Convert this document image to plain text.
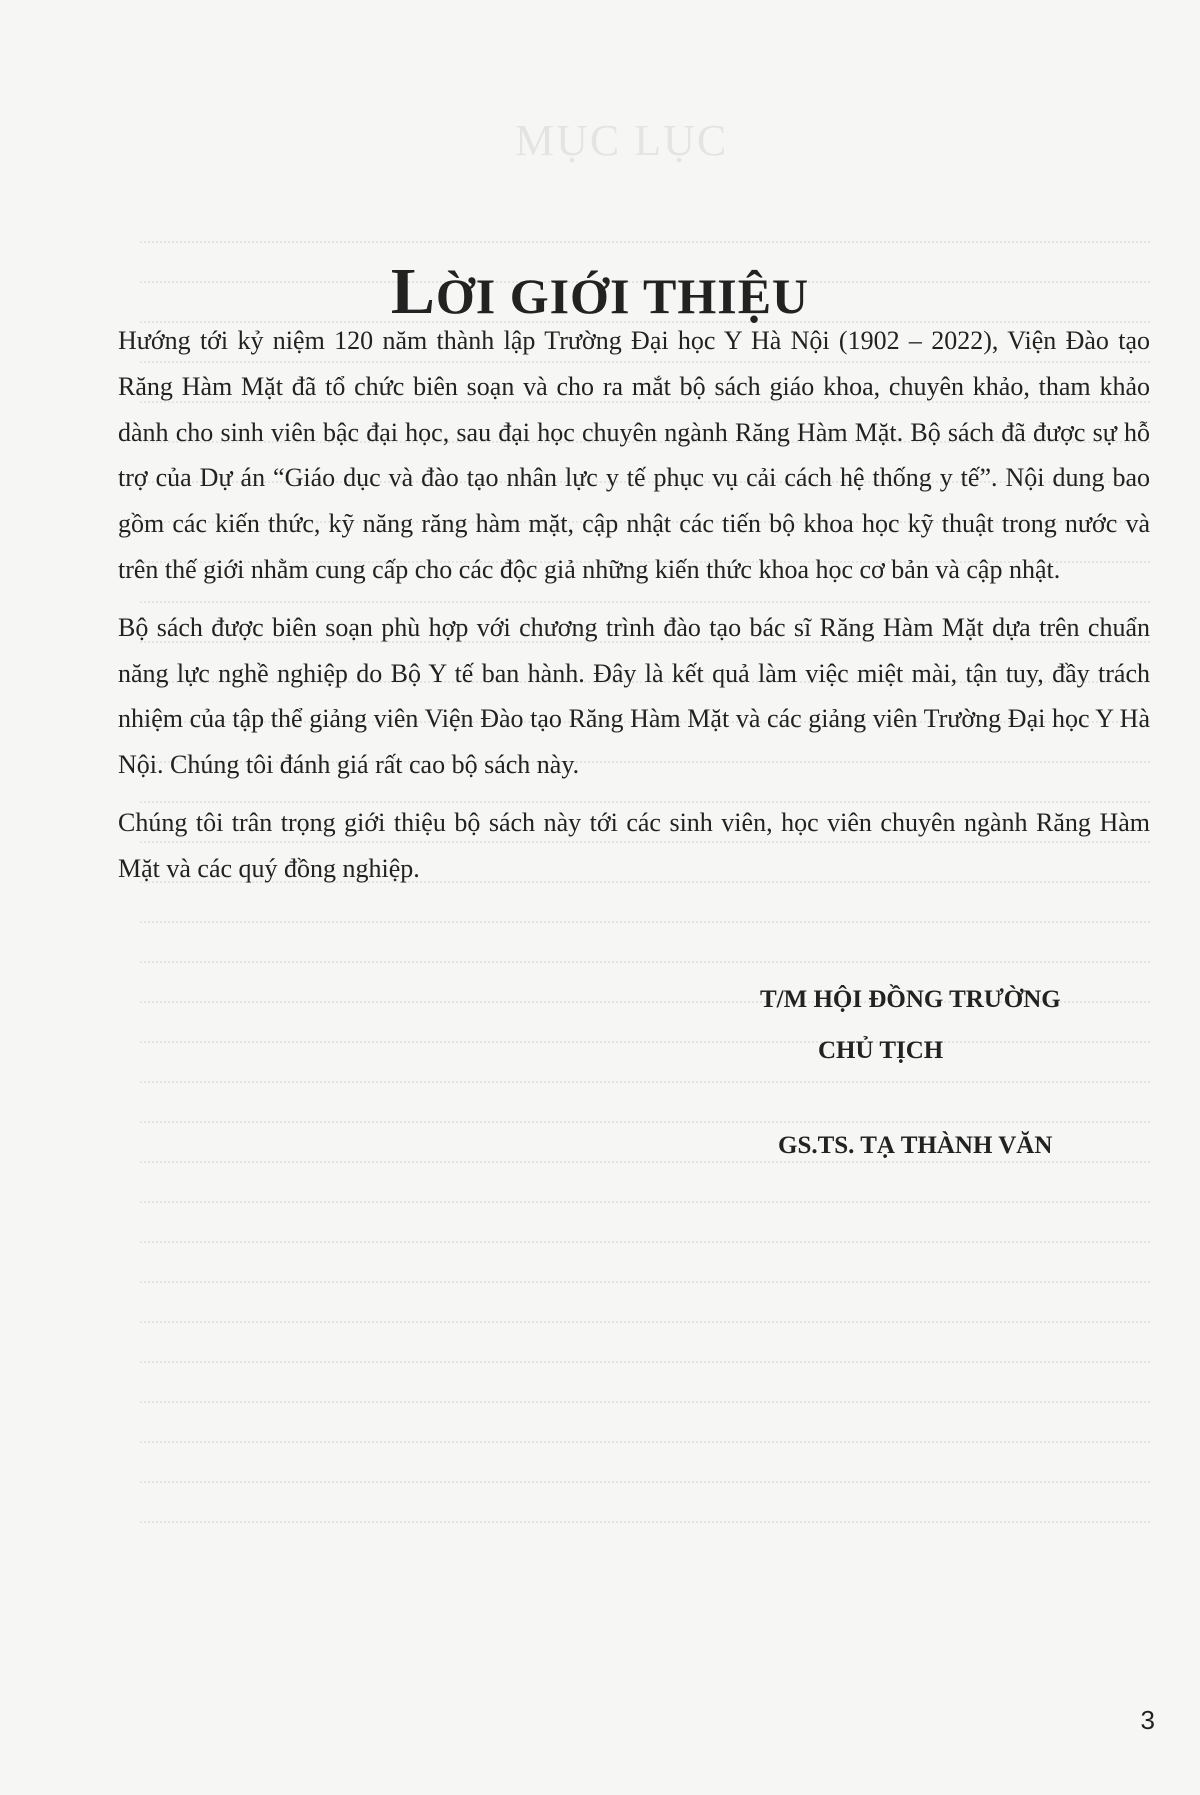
MỤC LỤC
LỜI GIỚI THIỆU

Hướng tới kỷ niệm 120 năm thành lập Trường Đại học Y Hà Nội (1902 – 2022), Viện Đào tạo Răng Hàm Mặt đã tổ chức biên soạn và cho ra mắt bộ sách giáo khoa, chuyên khảo, tham khảo dành cho sinh viên bậc đại học, sau đại học chuyên ngành Răng Hàm Mặt. Bộ sách đã được sự hỗ trợ của Dự án “Giáo dục và đào tạo nhân lực y tế phục vụ cải cách hệ thống y tế”. Nội dung bao gồm các kiến thức, kỹ năng răng hàm mặt, cập nhật các tiến bộ khoa học kỹ thuật trong nước và trên thế giới nhằm cung cấp cho các độc giả những kiến thức khoa học cơ bản và cập nhật.

Bộ sách được biên soạn phù hợp với chương trình đào tạo bác sĩ Răng Hàm Mặt dựa trên chuẩn năng lực nghề nghiệp do Bộ Y tế ban hành. Đây là kết quả làm việc miệt mài, tận tuy, đầy trách nhiệm của tập thể giảng viên Viện Đào tạo Răng Hàm Mặt và các giảng viên Trường Đại học Y Hà Nội. Chúng tôi đánh giá rất cao bộ sách này.

Chúng tôi trân trọng giới thiệu bộ sách này tới các sinh viên, học viên chuyên ngành Răng Hàm Mặt và các quý đồng nghiệp.

T/M HỘI ĐỒNG TRƯỜNG
CHỦ TỊCH
GS.TS. TẠ THÀNH VĂN
3
